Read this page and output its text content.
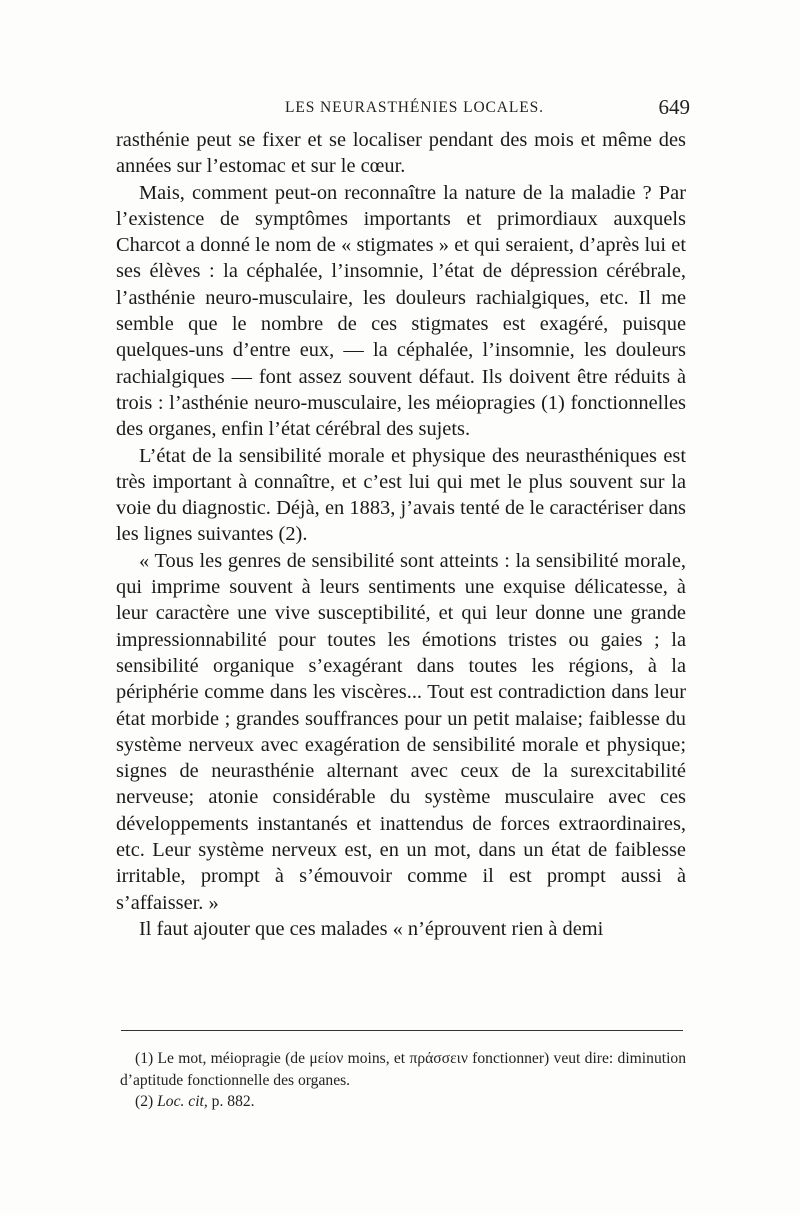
LES NEURASTHÉNIES LOCALES.	649

rasthénie peut se fixer et se localiser pendant des mois et même des années sur l’estomac et sur le cœur.

Mais, comment peut-on reconnaître la nature de la maladie ? Par l’existence de symptômes importants et primordiaux auxquels Charcot a donné le nom de « stigmates » et qui seraient, d’après lui et ses élèves : la céphalée, l’insomnie, l’état de dépression cérébrale, l’asthénie neuro-musculaire, les douleurs rachialgiques, etc. Il me semble que le nombre de ces stigmates est exagéré, puisque quelques-uns d’entre eux, — la céphalée, l’insomnie, les douleurs rachialgiques — font assez souvent défaut. Ils doivent être réduits à trois : l’asthénie neuro-musculaire, les méiopragies (1) fonctionnelles des organes, enfin l’état cérébral des sujets.

L’état de la sensibilité morale et physique des neurasthéniques est très important à connaître, et c’est lui qui met le plus souvent sur la voie du diagnostic. Déjà, en 1883, j’avais tenté de le caractériser dans les lignes suivantes (2).

« Tous les genres de sensibilité sont atteints : la sensibilité morale, qui imprime souvent à leurs sentiments une exquise délicatesse, à leur caractère une vive susceptibilité, et qui leur donne une grande impressionnabilité pour toutes les émotions tristes ou gaies ; la sensibilité organique s’exagérant dans toutes les régions, à la périphérie comme dans les viscères... Tout est contradiction dans leur état morbide ; grandes souffrances pour un petit malaise; faiblesse du système nerveux avec exagération de sensibilité morale et physique; signes de neurasthénie alternant avec ceux de la surexcitabilité nerveuse; atonie considérable du système musculaire avec ces développements instantanés et inattendus de forces extraordinaires, etc. Leur système nerveux est, en un mot, dans un état de faiblesse irritable, prompt à s’émouvoir comme il est prompt aussi à s’affaisser. »

Il faut ajouter que ces malades « n’éprouvent rien à demi

(1) Le mot, méiopragie (de μείον moins, et πράσσειν fonctionner) veut dire: diminution d’aptitude fonctionnelle des organes.

(2) Loc. cit, p. 882.
